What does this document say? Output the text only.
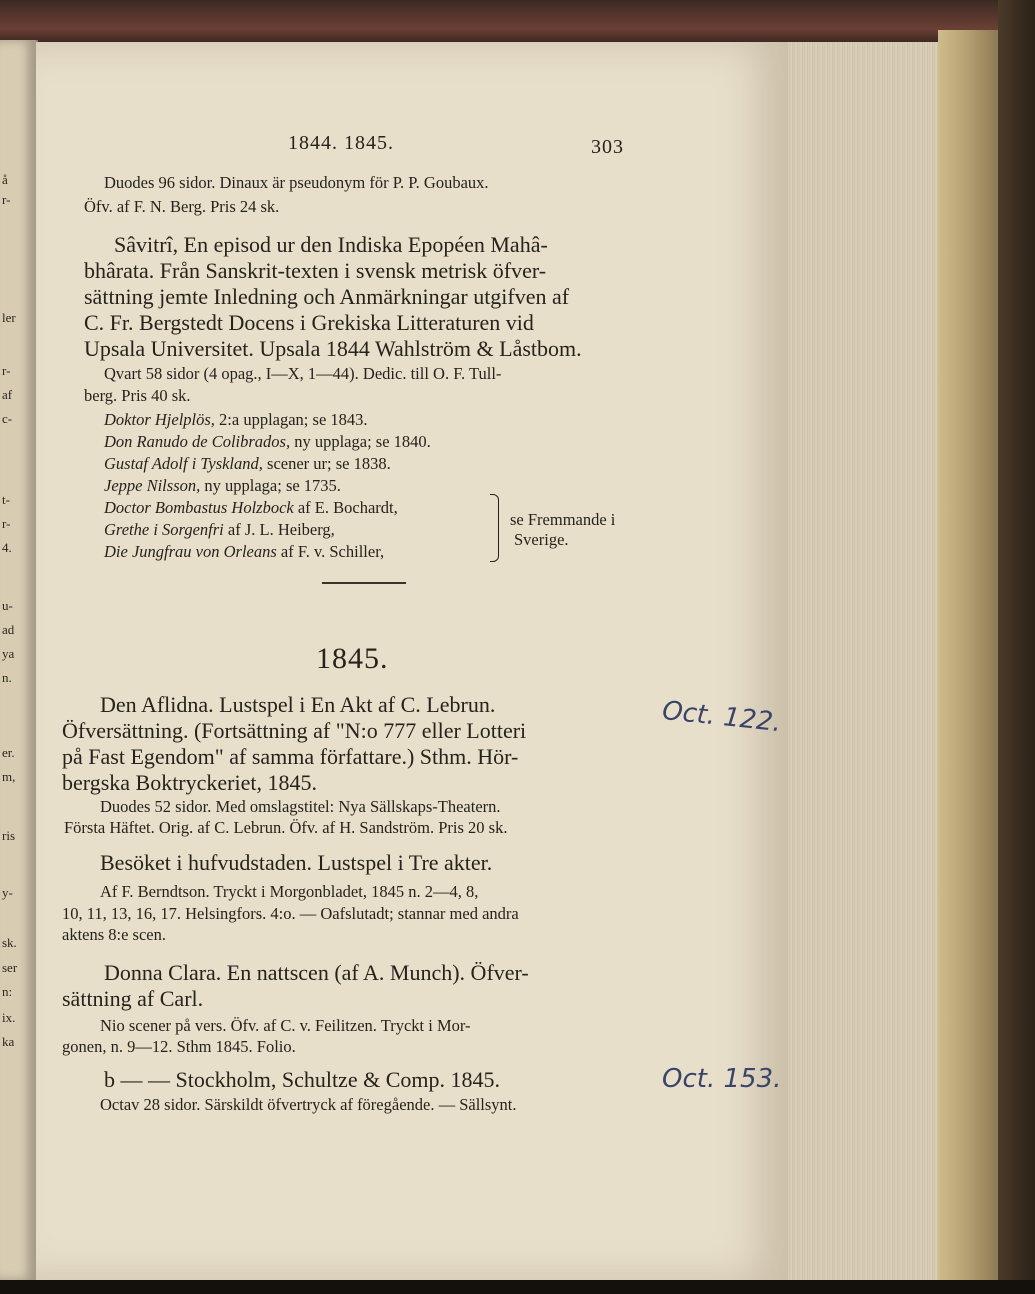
å
r-
ler
r-
af
c-
t-
r-
4.
u-
ad
ya
n.
er.
m,
ris
y-
sk.
ser
n:
ix.
ka
1844. 1845.	303
Duodes 96 sidor. Dinaux är pseudonym för P. P. Goubaux.
Öfv. af F. N. Berg. Pris 24 sk.
Sâvitrî, En episod ur den Indiska Epopéen Mahâ-
bhârata. Från Sanskrit-texten i svensk metrisk öfver-
sättning jemte Inledning och Anmärkningar utgifven af
C. Fr. Bergstedt Docens i Grekiska Litteraturen vid
Upsala Universitet. Upsala 1844 Wahlström & Låstbom.
Qvart 58 sidor (4 opag., I—X, 1—44). Dedic. till O. F. Tull-
berg. Pris 40 sk.
Doktor Hjelplös, 2:a upplagan; se 1843.
Don Ranudo de Colibrados, ny upplaga; se 1840.
Gustaf Adolf i Tyskland, scener ur; se 1838.
Jeppe Nilsson, ny upplaga; se 1735.
Doctor Bombastus Holzbock af E. Bochardt,
Grethe i Sorgenfri af J. L. Heiberg,
Die Jungfrau von Orleans af F. v. Schiller,
se Fremmande i
Sverige.
1845.
Den Aflidna. Lustspel i En Akt af C. Lebrun.
Öfversättning. (Fortsättning af "N:o 777 eller Lotteri
på Fast Egendom" af samma författare.) Sthm. Hör-
bergska Boktryckeriet, 1845.
Duodes 52 sidor. Med omslagstitel: Nya Sällskaps-Theatern.
Första Häftet. Orig. af C. Lebrun. Öfv. af H. Sandström. Pris 20 sk.
Besöket i hufvudstaden. Lustspel i Tre akter.
Af F. Berndtson. Tryckt i Morgonbladet, 1845 n. 2—4, 8,
10, 11, 13, 16, 17. Helsingfors. 4:o. — Oafslutadt; stannar med andra
aktens 8:e scen.
Donna Clara. En nattscen (af A. Munch). Öfver-
sättning af Carl.
Nio scener på vers. Öfv. af C. v. Feilitzen. Tryckt i Mor-
gonen, n. 9—12. Sthm 1845. Folio.
b — — Stockholm, Schultze & Comp. 1845.
Octav 28 sidor. Särskildt öfvertryck af föregående. — Sällsynt.
Oct. 122.
Oct. 153.
